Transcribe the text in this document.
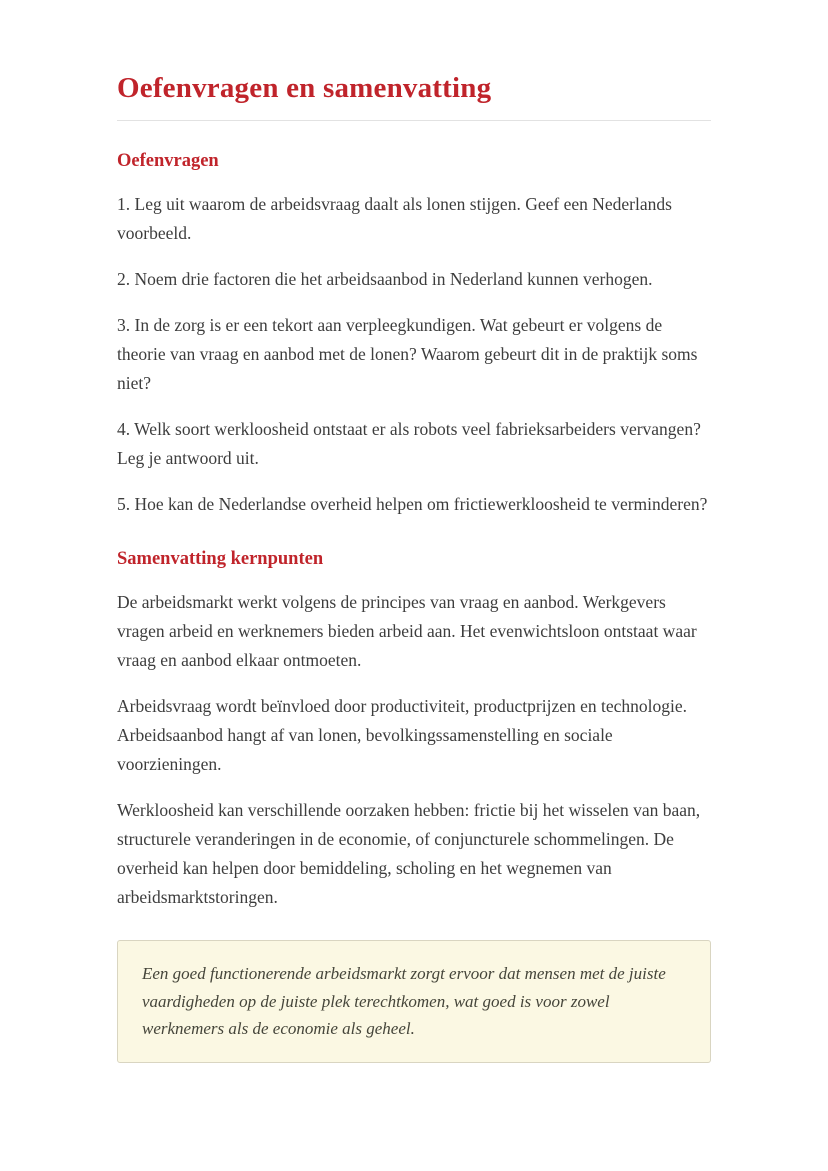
Oefenvragen en samenvatting
Oefenvragen

1. Leg uit waarom de arbeidsvraag daalt als lonen stijgen. Geef een Nederlands voorbeeld.

2. Noem drie factoren die het arbeidsaanbod in Nederland kunnen verhogen.

3. In de zorg is er een tekort aan verpleegkundigen. Wat gebeurt er volgens de theorie van vraag en aanbod met de lonen? Waarom gebeurt dit in de praktijk soms niet?

4. Welk soort werkloosheid ontstaat er als robots veel fabrieksarbeiders vervangen? Leg je antwoord uit.

5. Hoe kan de Nederlandse overheid helpen om frictiewerkloosheid te verminderen?

Samenvatting kernpunten

De arbeidsmarkt werkt volgens de principes van vraag en aanbod. Werkgevers vragen arbeid en werknemers bieden arbeid aan. Het evenwichtsloon ontstaat waar vraag en aanbod elkaar ontmoeten.

Arbeidsvraag wordt beïnvloed door productiviteit, productprijzen en technologie. Arbeidsaanbod hangt af van lonen, bevolkingssamenstelling en sociale voorzieningen.

Werkloosheid kan verschillende oorzaken hebben: frictie bij het wisselen van baan, structurele veranderingen in de economie, of conjuncturele schommelingen. De overheid kan helpen door bemiddeling, scholing en het wegnemen van arbeidsmarktstoringen.

Een goed functionerende arbeidsmarkt zorgt ervoor dat mensen met de juiste vaardigheden op de juiste plek terechtkomen, wat goed is voor zowel werknemers als de economie als geheel.
